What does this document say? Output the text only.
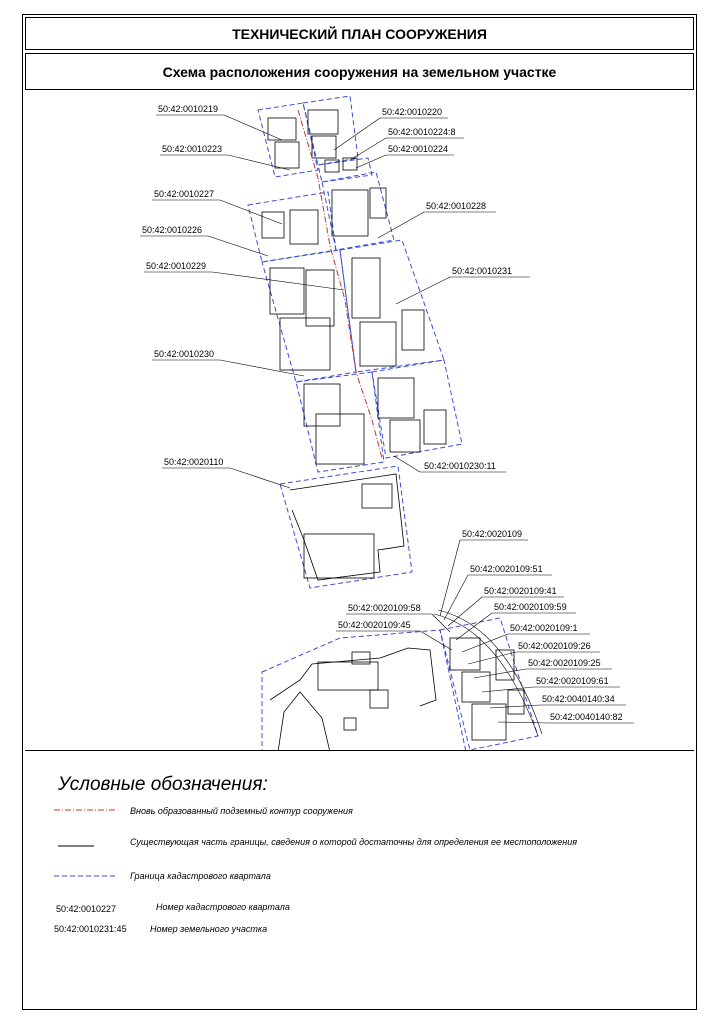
ТЕХНИЧЕСКИЙ ПЛАН СООРУЖЕНИЯ
Схема расположения сооружения на земельном участке
50:42:0010219	50:42:0010220
50:42:0010224:8
50:42:0010223	50:42:0010224
50:42:0010227
50:42:0010228
50:42:0010226
50:42:0010229	50:42:0010231
50:42:0010230
50:42:0020110	50:42:0010230:11
50:42:0020109
50:42:0020109:51
50:42:0020109:41
50:42:0020109:58	50:42:0020109:59
50:42:0020109:45	50:42:0020109:1
50:42:0020109:26
50:42:0020109:25
50:42:0020109:61
50:42:0040140:34
50:42:0040140:82
Условные обозначения:
Вновь образованный подземный контур сооружения
Существующая часть границы, сведения о которой достаточны для определения ее местоположения
Граница кадастрового квартала
50:42:0010227	Номер кадастрового квартала
50:42:0010231:45	Номер земельного участка
